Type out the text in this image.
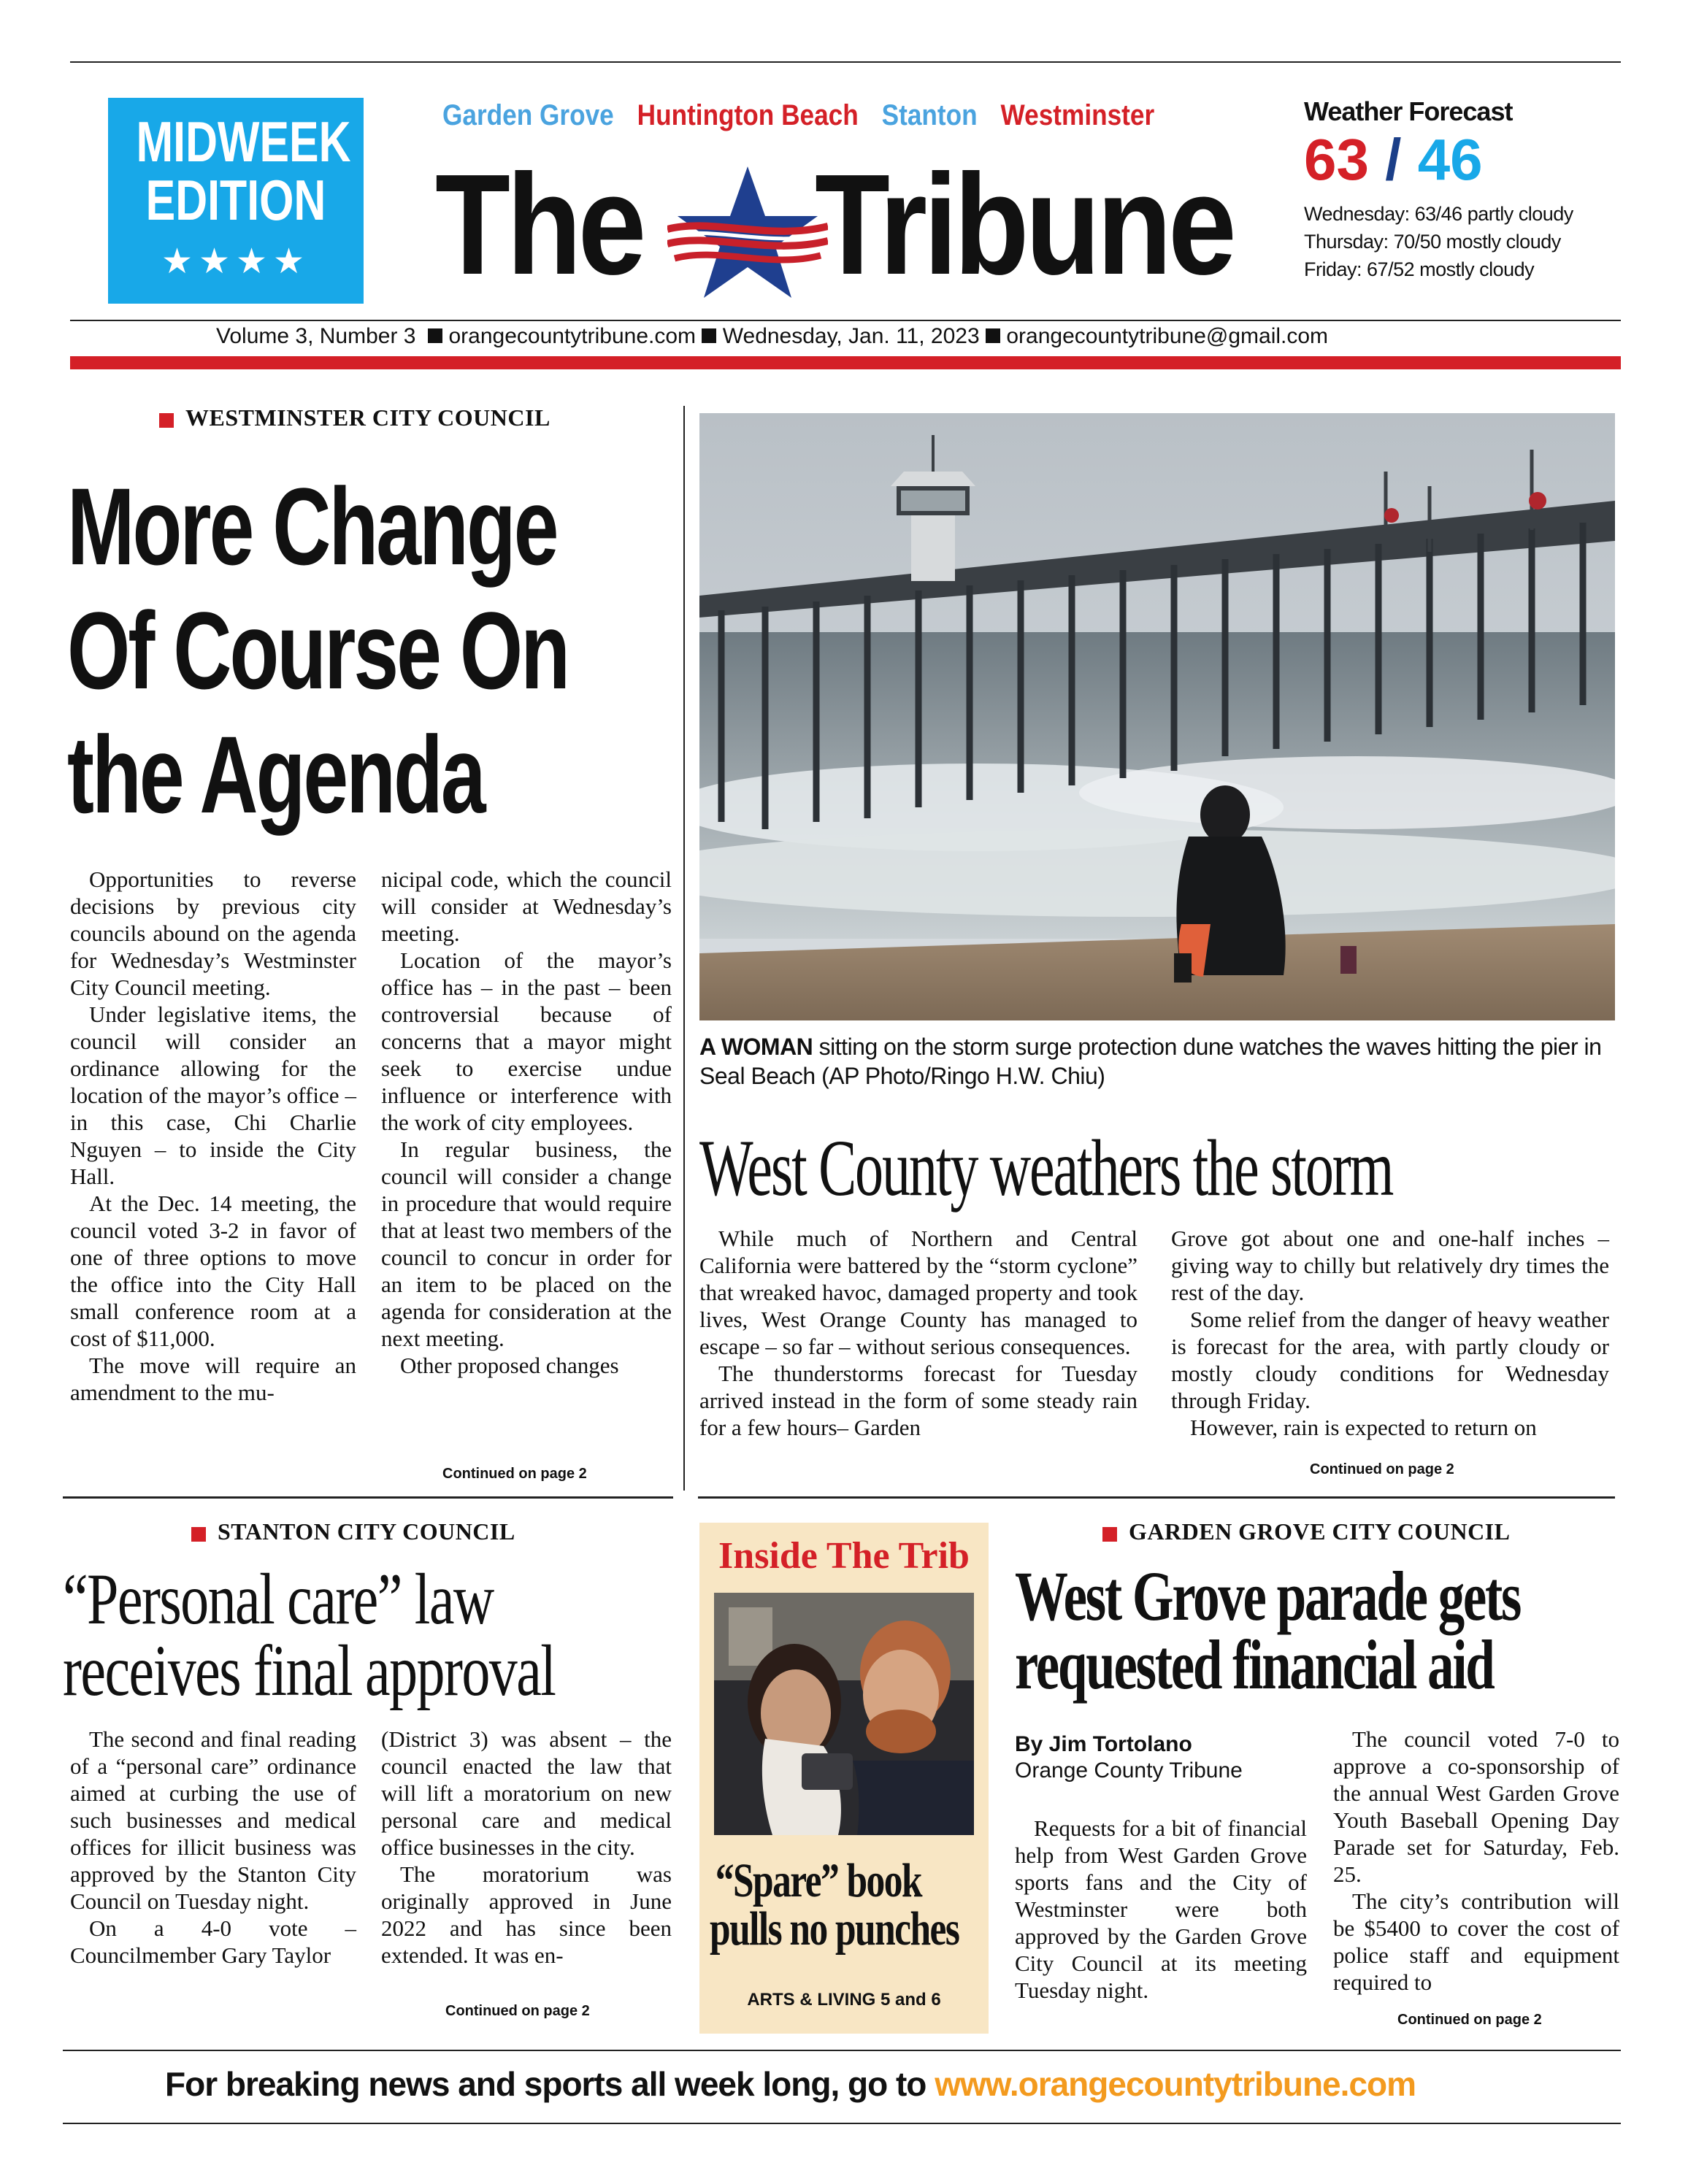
MIDWEEK
EDITION
★★★★
Garden Grove Huntington Beach Stanton Westminster
The Tribune
Weather Forecast
63 / 46
Wednesday: 63/46 partly cloudy
Thursday: 70/50 mostly cloudy
Friday: 67/52 mostly cloudy
Volume 3, Number 3 orangecountytribune.com Wednesday, Jan. 11, 2023 orangecountytribune@gmail.com
WESTMINSTER CITY COUNCIL
More Change
Of Course On
the Agenda

Opportunities to reverse decisions by previous city councils abound on the agenda for Wednesday’s Westminster City Council meeting.

Under legislative items, the council will consider an ordinance allowing for the location of the mayor’s office – in this case, Chi Charlie Nguyen – to inside the City Hall.

At the Dec. 14 meeting, the council voted 3-2 in favor of one of three options to move the office into the City Hall small conference room at a cost of $11,000.

The move will require an amendment to the mu-

nicipal code, which the council will consider at Wednesday’s meeting.

Location of the mayor’s office has – in the past – been controversial because of concerns that a mayor might seek to exercise undue influence or interference with the work of city employees.

In regular business, the council will consider a change in procedure that would require that at least two members of the council to concur in order for an item to be placed on the agenda for consideration at the next meeting.

Other proposed changes

Continued on page 2
A WOMAN sitting on the storm surge protection dune watches the waves hitting the pier in Seal Beach (AP Photo/Ringo H.W. Chiu)
West County weathers the storm

While much of Northern and Central California were battered by the “storm cyclone” that wreaked havoc, damaged property and took lives, West Orange County has managed to escape – so far – without serious consequences.

The thunderstorms forecast for Tuesday arrived instead in the form of some steady rain for a few hours– Garden

Grove got about one and one-half inches – giving way to chilly but relatively dry times the rest of the day.

Some relief from the danger of heavy weather is forecast for the area, with partly cloudy or mostly cloudy conditions for Wednesday through Friday.

However, rain is expected to return on

Continued on page 2
STANTON CITY COUNCIL
“Personal care” law
receives final approval

The second and final reading of a “personal care” ordinance aimed at curbing the use of such businesses and medical offices for illicit business was approved by the Stanton City Council on Tuesday night.

On a 4-0 vote – Councilmember Gary Taylor

(District 3) was absent – the council enacted the law that will lift a moratorium on new personal care and medical office businesses in the city.

The moratorium was originally approved in June 2022 and has since been extended. It was en-

Continued on page 2
Inside The Trib
“Spare” book
pulls no punches
ARTS & LIVING 5 and 6
GARDEN GROVE CITY COUNCIL
West Grove parade gets
requested financial aid
By Jim Tortolano
Orange County Tribune

Requests for a bit of financial help from West Garden Grove sports fans and the City of Westminster were both approved by the Garden Grove City Council at its meeting Tuesday night.

The council voted 7-0 to approve a co-sponsorship of the annual West Garden Grove Youth Baseball Opening Day Parade set for Saturday, Feb. 25.

The city’s contribution will be $5400 to cover the cost of police staff and equipment required to

Continued on page 2
For breaking news and sports all week long, go to www.orangecountytribune.com
